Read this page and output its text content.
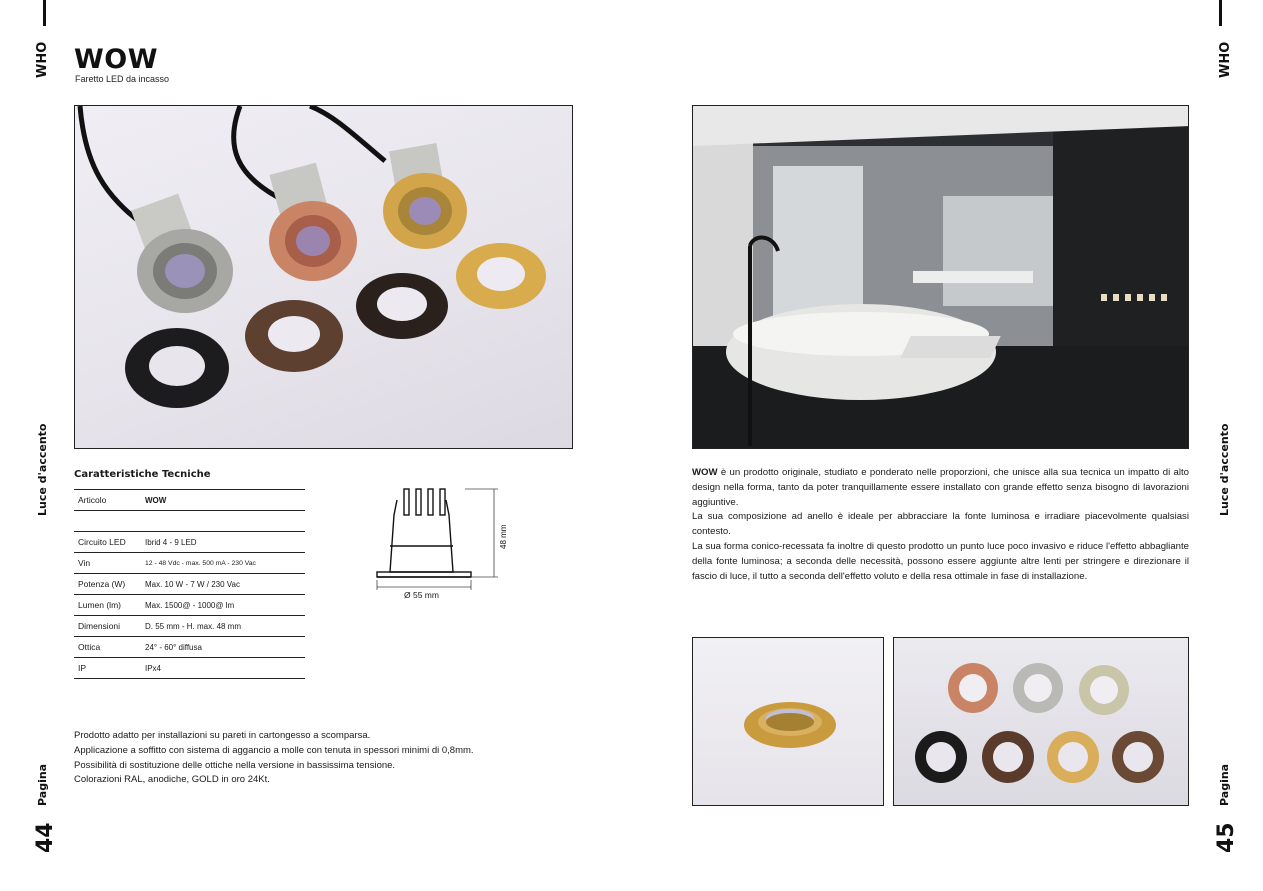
WHO
Luce d'accento
Pagina
44
WHO
Luce d'accento
Pagina
45
WOW
Faretto LED da incasso
Caratteristiche Tecniche
Articolo	WOW

Circuito LED	Ibrid 4 - 9 LED
Vin	12 - 48 Vdc - max. 500 mA - 230 Vac
Potenza (W)	Max. 10 W - 7 W / 230 Vac
Lumen (lm)	Max. 1500@ - 1000@ lm
Dimensioni	D. 55 mm - H. max. 48 mm
Ottica	24° - 60° diffusa
IP	IPx4
48 mm
Ø 55 mm
Prodotto adatto per installazioni su pareti in cartongesso a scomparsa.
Applicazione a soffitto con sistema di aggancio a molle con tenuta in spessori minimi di 0,8mm.
Possibilità di sostituzione delle ottiche nella versione in bassissima tensione.
Colorazioni RAL, anodiche, GOLD in oro 24Kt.
WOW è un prodotto originale, studiato e ponderato nelle proporzioni, che unisce alla sua tecnica un impatto di alto design nella forma, tanto da poter tranquillamente essere installato con grande effetto senza bisogno di lavorazioni aggiuntive.
La sua composizione ad anello è ideale per abbracciare la fonte luminosa e irradiare piacevolmente qualsiasi contesto.
La sua forma conico-recessata fa inoltre di questo prodotto un punto luce poco invasivo e riduce l'effetto abbagliante della fonte luminosa; a seconda delle necessità, possono essere aggiunte altre lenti per stringere e direzionare il fascio di luce, il tutto a seconda dell'effetto voluto e della resa ottimale in fase di installazione.
